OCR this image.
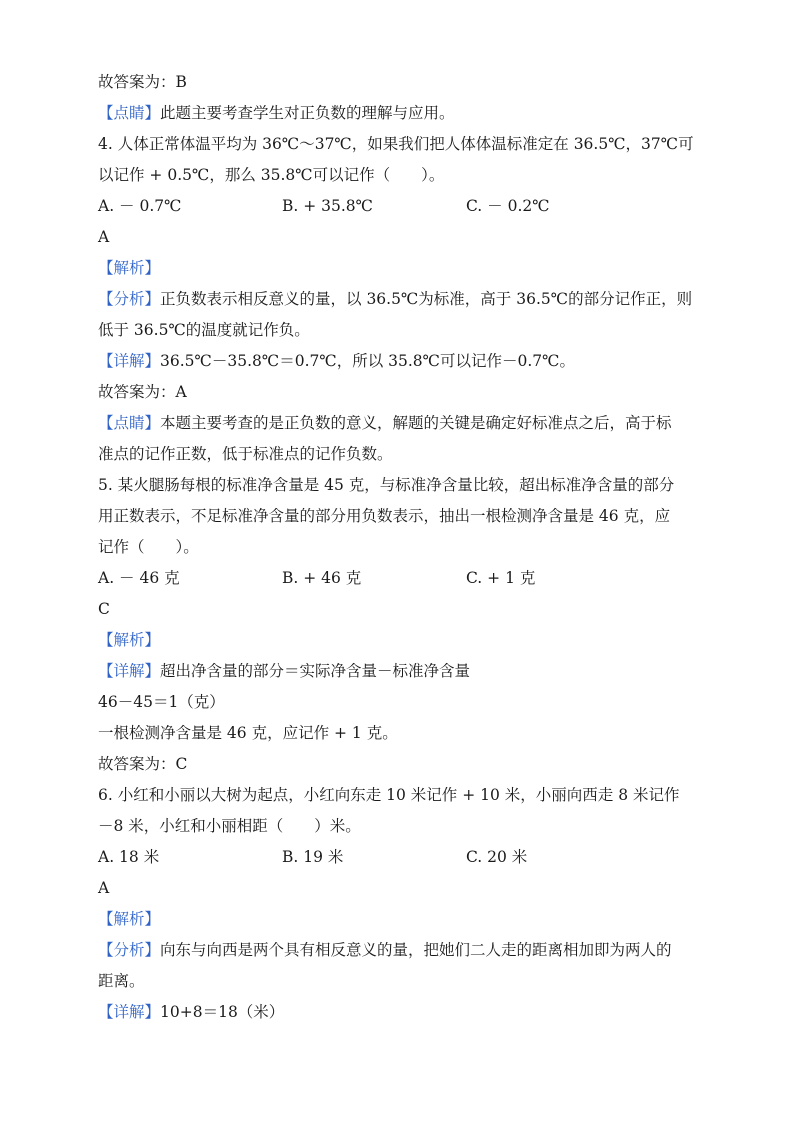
故答案为：B
【点睛】此题主要考查学生对正负数的理解与应用。
4. 人体正常体温平均为 36℃～37℃，如果我们把人体体温标准定在 36.5℃，37℃可
以记作 + 0.5℃，那么 35.8℃可以记作（　　）。
A. － 0.7℃	B. + 35.8℃	C. － 0.2℃
A
【解析】
【分析】正负数表示相反意义的量，以 36.5℃为标准，高于 36.5℃的部分记作正，则
低于 36.5℃的温度就记作负。
【详解】36.5℃－35.8℃＝0.7℃，所以 35.8℃可以记作－0.7℃。
故答案为：A
【点睛】本题主要考查的是正负数的意义，解题的关键是确定好标准点之后，高于标
准点的记作正数，低于标准点的记作负数。
5. 某火腿肠每根的标准净含量是 45 克，与标准净含量比较，超出标准净含量的部分
用正数表示，不足标准净含量的部分用负数表示，抽出一根检测净含量是 46 克，应
记作（　　）。
A. － 46 克	B. + 46 克	C. + 1 克
C
【解析】
【详解】超出净含量的部分＝实际净含量－标准净含量
46－45＝1（克）
一根检测净含量是 46 克，应记作 + 1 克。
故答案为：C
6. 小红和小丽以大树为起点，小红向东走 10 米记作 + 10 米，小丽向西走 8 米记作
－8 米，小红和小丽相距（　　）米。
A. 18 米	B. 19 米	C. 20 米
A
【解析】
【分析】向东与向西是两个具有相反意义的量，把她们二人走的距离相加即为两人的
距离。
【详解】10+8＝18（米）
